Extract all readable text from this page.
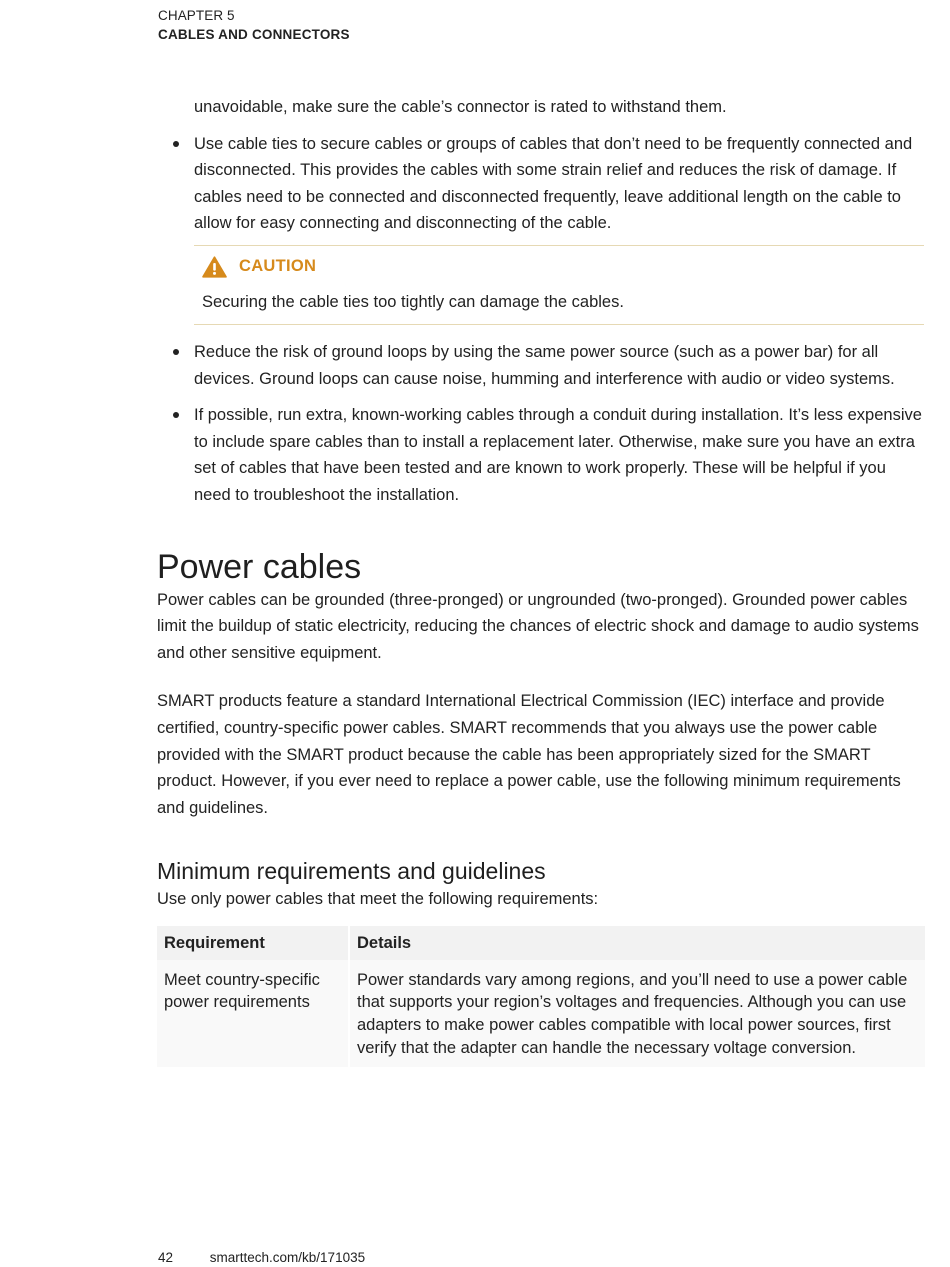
CHAPTER 5
CABLES AND CONNECTORS
unavoidable, make sure the cable’s connector is rated to withstand them.
Use cable ties to secure cables or groups of cables that don’t need to be frequently connected and disconnected. This provides the cables with some strain relief and reduces the risk of damage. If cables need to be connected and disconnected frequently, leave additional length on the cable to allow for easy connecting and disconnecting of the cable.
CAUTION
Securing the cable ties too tightly can damage the cables.
Reduce the risk of ground loops by using the same power source (such as a power bar) for all devices. Ground loops can cause noise, humming and interference with audio or video systems.
If possible, run extra, known-working cables through a conduit during installation. It’s less expensive to include spare cables than to install a replacement later. Otherwise, make sure you have an extra set of cables that have been tested and are known to work properly. These will be helpful if you need to troubleshoot the installation.
Power cables
Power cables can be grounded (three-pronged) or ungrounded (two-pronged). Grounded power cables limit the buildup of static electricity, reducing the chances of electric shock and damage to audio systems and other sensitive equipment.
SMART products feature a standard International Electrical Commission (IEC) interface and provide certified, country-specific power cables. SMART recommends that you always use the power cable provided with the SMART product because the cable has been appropriately sized for the SMART product. However, if you ever need to replace a power cable, use the following minimum requirements and guidelines.
Minimum requirements and guidelines
Use only power cables that meet the following requirements:
Requirement	Details
Meet country-specific power requirements	Power standards vary among regions, and you’ll need to use a power cable that supports your region’s voltages and frequencies. Although you can use adapters to make power cables compatible with local power sources, first verify that the adapter can handle the necessary voltage conversion.
42	smarttech.com/kb/171035
